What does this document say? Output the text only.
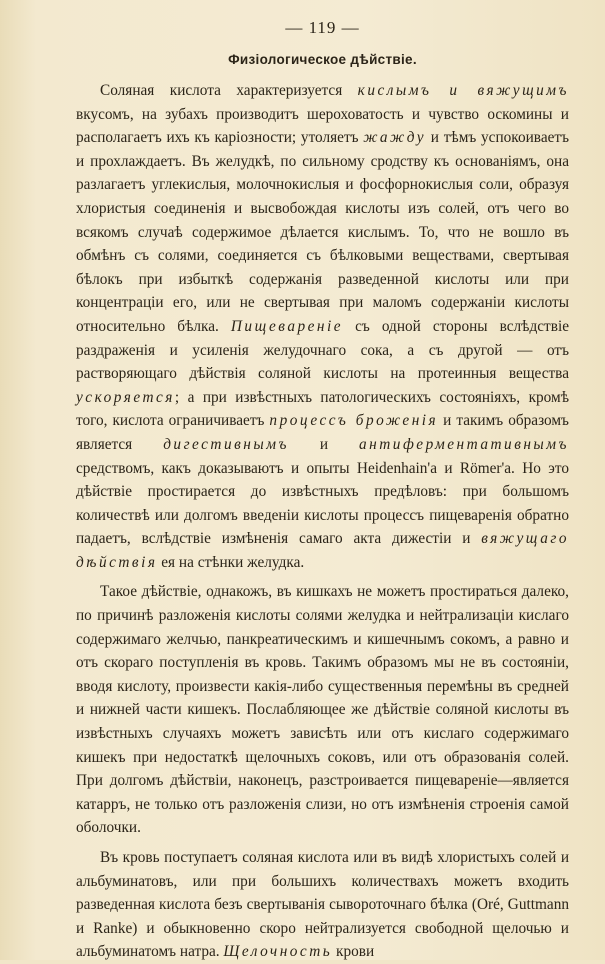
— 119 —
Физiологическое дѣйствiе.

Соляная кислота характеризуется кислымъ и вяжущимъ вкусомъ, на зубахъ производитъ шероховатость и чувство оскомины и располагаетъ ихъ къ карiозности; утоляетъ жажду и тѣмъ успокоиваетъ и прохлаждаетъ. Въ желудкѣ, по сильному сродству къ основанiямъ, она разлагаетъ углекислыя, молочнокислыя и фосфорнокислыя соли, образуя хлористыя соединенiя и высвобождая кислоты изъ солей, отъ чего во всякомъ случаѣ содержимое дѣлается кислымъ. То, что не вошло въ обмѣнъ съ солями, соединяется съ бѣлковыми веществами, свертывая бѣлокъ при избыткѣ содержанiя разведенной кислоты или при концентрацiи его, или не свертывая при маломъ содержанiи кислоты относительно бѣлка. Пищеваренiе съ одной стороны вслѣдствiе раздраженiя и усиленiя желудочнаго сока, а съ другой — отъ растворяющаго дѣйствiя соляной кислоты на протеинныя вещества ускоряется; а при извѣстныхъ патологическихъ состоянiяхъ, кромѣ того, кислота ограничиваетъ процессъ броженiя и такимъ образомъ является дигестивнымъ и антиферментативнымъ средствомъ, какъ доказываютъ и опыты Heidenhain'a и Römer'a. Но это дѣйствiе простирается до извѣстныхъ предѣловъ: при большомъ количествѣ или долгомъ введенiи кислоты процессъ пищеваренiя обратно падаетъ, вслѣдствiе измѣненiя самаго акта дижестiи и вяжущаго дѣйствiя ея на стѣнки желудка.

Такое дѣйствiе, однакожъ, въ кишкахъ не можетъ простираться далеко, по причинѣ разложенiя кислоты солями желудка и нейтрализацiи кислаго содержимаго желчью, панкреатическимъ и кишечнымъ сокомъ, а равно и отъ скораго поступленiя въ кровь. Такимъ образомъ мы не въ состоянiи, вводя кислоту, произвести какiя-либо существенныя перемѣны въ средней и нижней части кишекъ. Послабляющее же дѣйствiе соляной кислоты въ извѣстныхъ случаяхъ можетъ зависѣть или отъ кислаго содержимаго кишекъ при недостаткѣ щелочныхъ соковъ, или отъ образованiя солей. При долгомъ дѣйствiи, наконецъ, разстроивается пищеваренiе—является катарръ, не только отъ разложенiя слизи, но отъ измѣненiя строенiя самой оболочки.

Въ кровь поступаетъ соляная кислота или въ видѣ хлористыхъ солей и альбуминатовъ, или при большихъ количествахъ можетъ входить разведенная кислота безъ свертыванiя сывороточнаго бѣлка (Oré, Guttmann и Ranke) и обыкновенно скоро нейтрализуется свободной щелочью и альбуминатомъ натра. Щелочность крови
